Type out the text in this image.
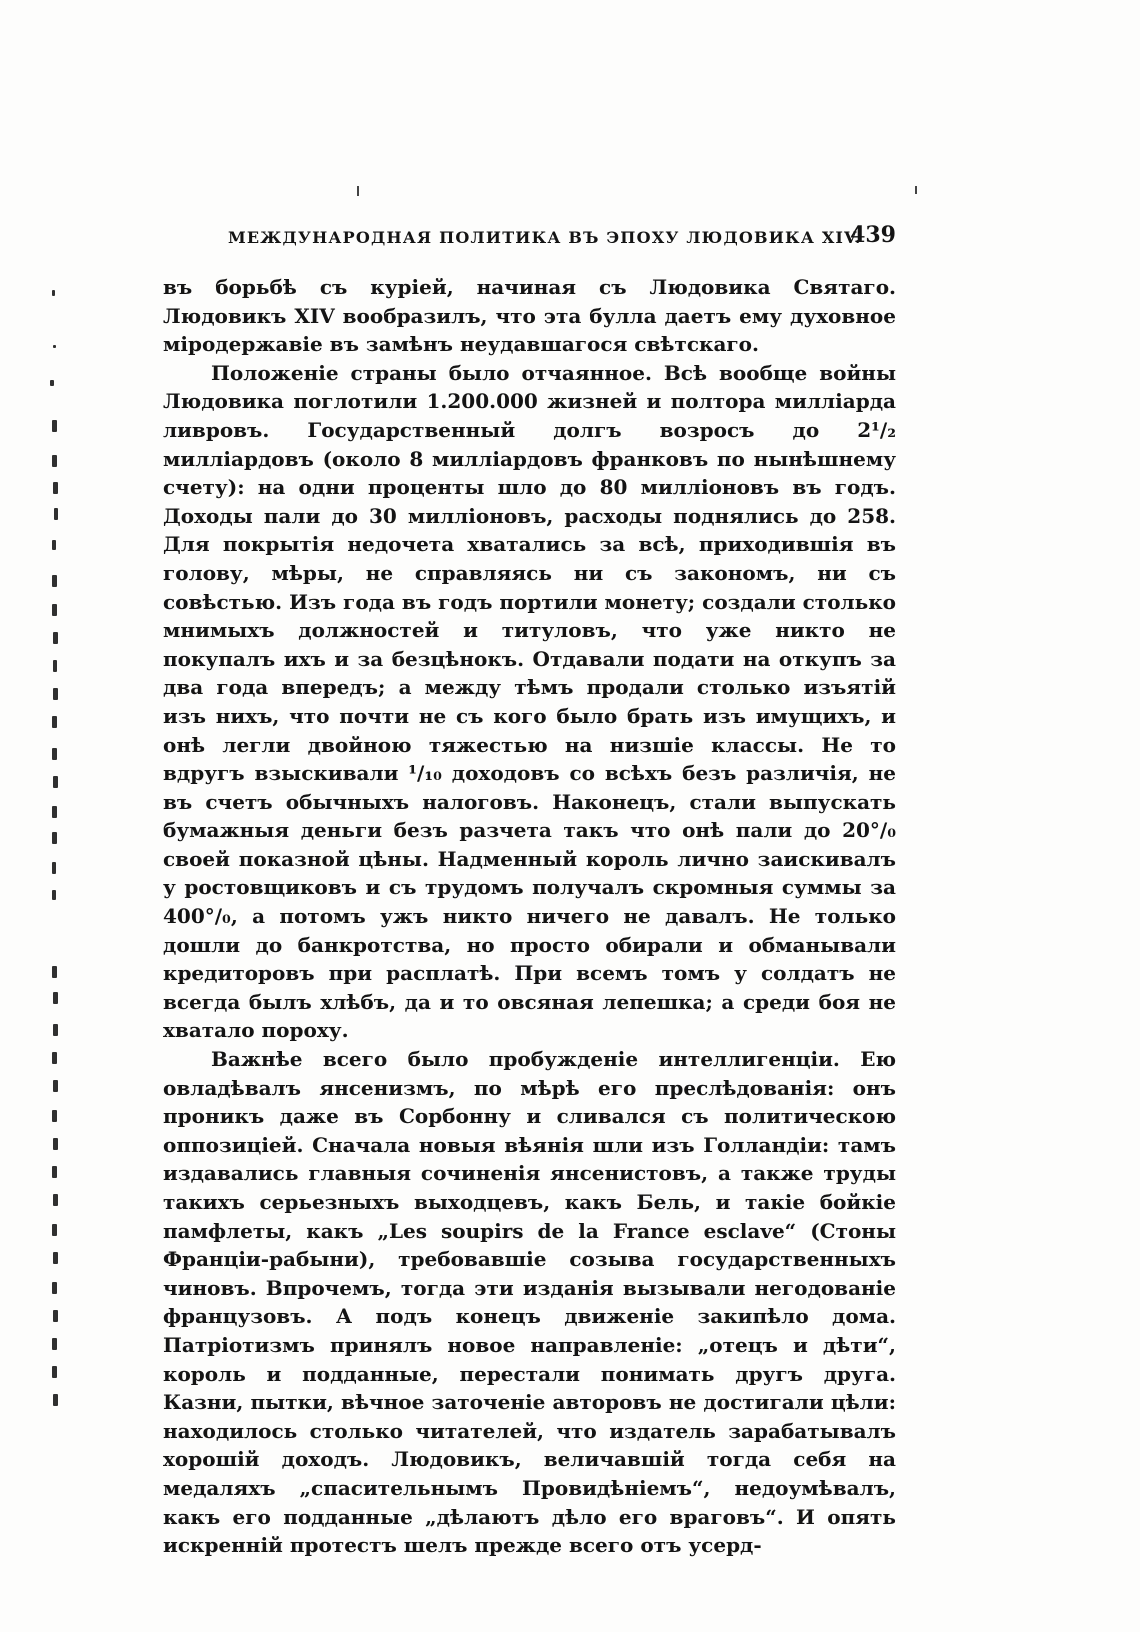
МЕЖДУНАРОДНАЯ ПОЛИТИКА ВЪ ЭПОХУ ЛЮДОВИКА XIV.
439

въ борьбѣ съ куріей, начиная съ Людовика Святаго. Людовикъ XIV вообразилъ, что эта булла даетъ ему духовное міродержавіе въ замѣнъ неудавшагося свѣтскаго.

Положеніе страны было отчаянное. Всѣ вообще войны Людовика поглотили 1.200.000 жизней и полтора милліарда ливровъ. Государственный долгъ возросъ до 2¹/₂ милліардовъ (около 8 милліардовъ франковъ по нынѣшнему счету): на одни проценты шло до 80 милліоновъ въ годъ. Доходы пали до 30 милліоновъ, расходы поднялись до 258. Для покрытія недочета хватались за всѣ, приходившія въ голову, мѣры, не справляясь ни съ закономъ, ни съ совѣстью. Изъ года въ годъ портили монету; создали столько мнимыхъ должностей и титуловъ, что уже никто не покупалъ ихъ и за безцѣнокъ. Отдавали подати на откупъ за два года впередъ; а между тѣмъ продали столько изъятій изъ нихъ, что почти не съ кого было брать изъ имущихъ, и онѣ легли двойною тяжестью на низшіе классы. Не то вдругъ взыскивали ¹/₁₀ доходовъ со всѣхъ безъ различія, не въ счетъ обычныхъ налоговъ. Наконецъ, стали выпускать бумажныя деньги безъ разчета такъ что онѣ пали до 20°/₀ своей показной цѣны. Надменный король лично заискивалъ у ростовщиковъ и съ трудомъ получалъ скромныя суммы за 400°/₀, а потомъ ужъ никто ничего не давалъ. Не только дошли до банкротства, но просто обирали и обманывали кредиторовъ при расплатѣ. При всемъ томъ у солдатъ не всегда былъ хлѣбъ, да и то овсяная лепешка; а среди боя не хватало пороху.

Важнѣе всего было пробужденіе интеллигенціи. Ею овладѣвалъ янсенизмъ, по мѣрѣ его преслѣдованія: онъ проникъ даже въ Сорбонну и сливался съ политическою оппозиціей. Сначала новыя вѣянія шли изъ Голландіи: тамъ издавались главныя сочиненія янсенистовъ, а также труды такихъ серьезныхъ выходцевъ, какъ Бель, и такіе бойкіе памфлеты, какъ „Les soupirs de la France esclave“ (Стоны Франціи-рабыни), требовавшіе созыва государственныхъ чиновъ. Впрочемъ, тогда эти изданія вызывали негодованіе французовъ. А подъ конецъ движеніе закипѣло дома. Патріотизмъ принялъ новое направленіе: „отецъ и дѣти“, король и подданные, перестали понимать другъ друга. Казни, пытки, вѣчное заточеніе авторовъ не достигали цѣли: находилось столько читателей, что издатель зарабатывалъ хорошій доходъ. Людовикъ, величавшій тогда себя на медаляхъ „спасительнымъ Провидѣніемъ“, недоумѣвалъ, какъ его подданные „дѣлаютъ дѣло его враговъ“. И опять искренній протестъ шелъ прежде всего отъ усерд-
